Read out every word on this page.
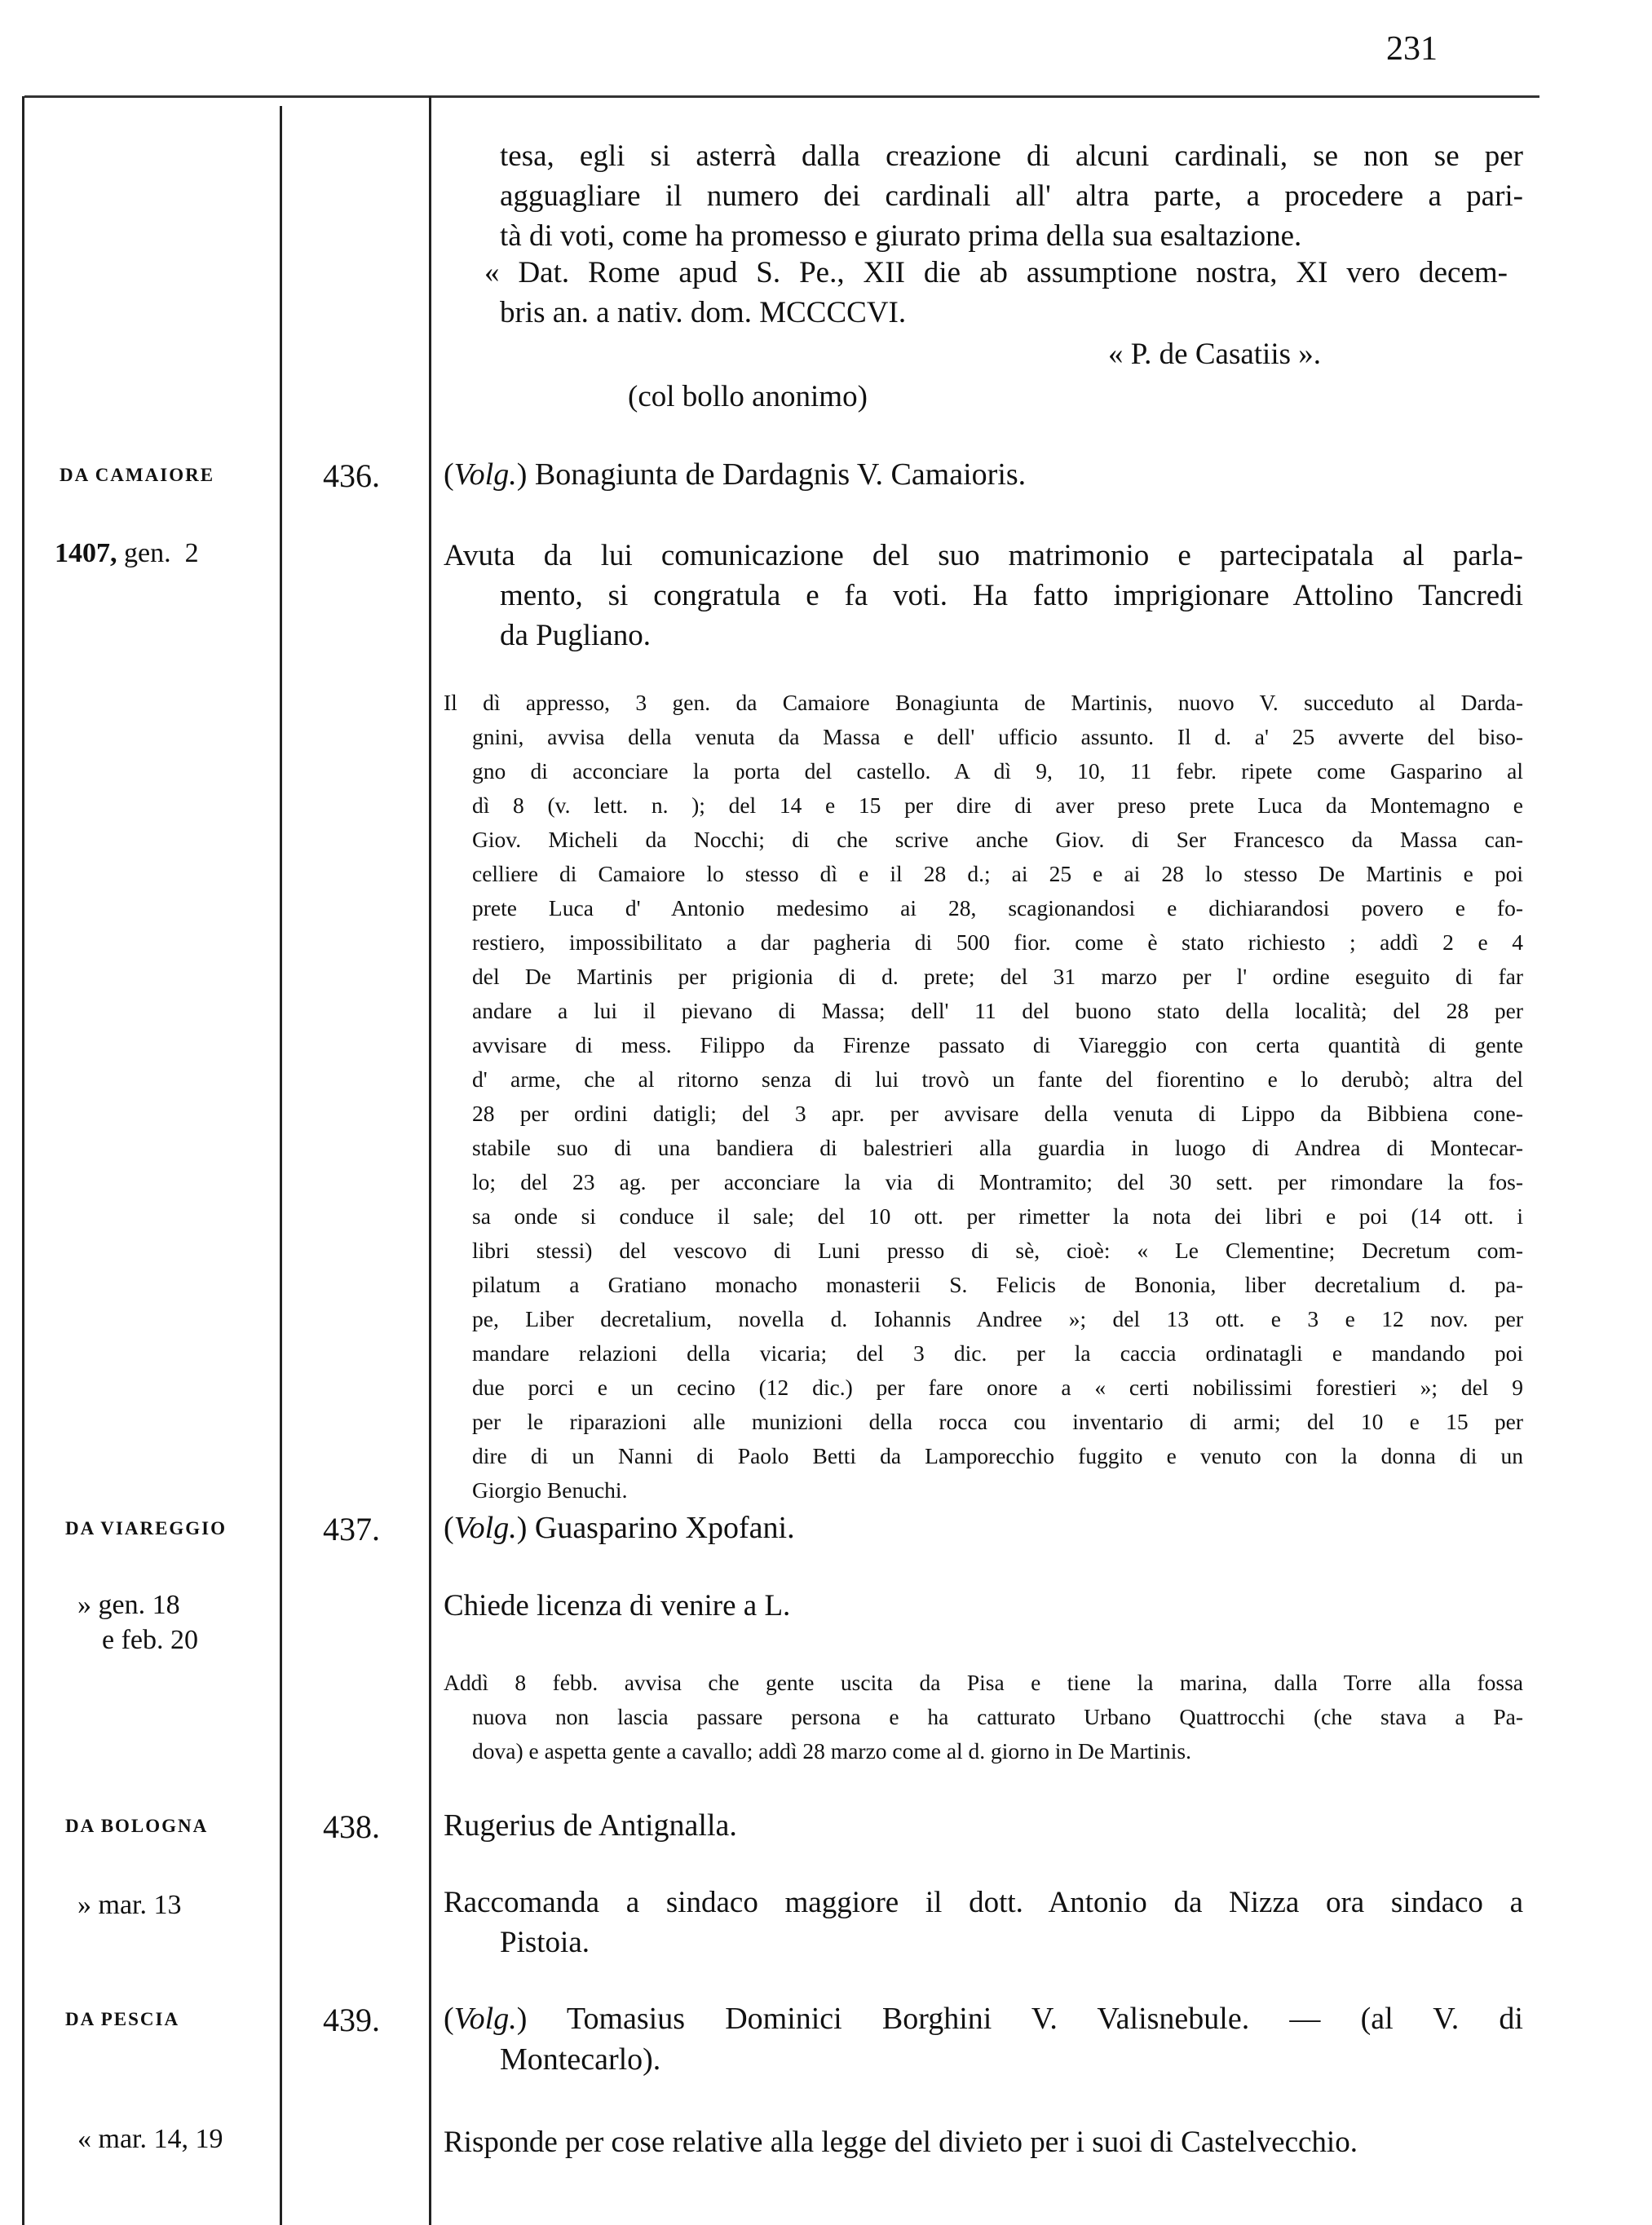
231
tesa, egli si asterrà dalla creazione di alcuni cardinali, se non se per
agguagliare il numero dei cardinali all' altra parte, a procedere a pari-
tà di voti, come ha promesso e giurato prima della sua esaltazione.
« Dat. Rome apud S. Pe., XII die ab assumptione nostra, XI vero decem-
bris an. a nativ. dom. MCCCCVI.
« P. de Casatiis ».
(col bollo anonimo)
DA CAMAIORE
1407, gen.  2
436. (Volg.) Bonagiunta de Dardagnis V. Camaioris.
Avuta da lui comunicazione del suo matrimonio e partecipatala al parla-
mento, si congratula e fa voti. Ha fatto imprigionare Attolino Tancredi
da Pugliano.
Il dì appresso, 3 gen. da Camaiore Bonagiunta de Martinis, nuovo V. succeduto al Darda-
gnini, avvisa della venuta da Massa e dell' ufficio assunto. Il d. a' 25 avverte del biso-
gno di acconciare la porta del castello. A dì 9, 10, 11 febr. ripete come Gasparino al
dì 8 (v. lett. n. ); del 14 e 15 per dire di aver preso prete Luca da Montemagno e
Giov. Micheli da Nocchi; di che scrive anche Giov. di Ser Francesco da Massa can-
celliere di Camaiore lo stesso dì e il 28 d.; ai 25 e ai 28 lo stesso De Martinis e poi
prete Luca d' Antonio medesimo ai 28, scagionandosi e dichiarandosi povero e fo-
restiero, impossibilitato a dar pagheria di 500 fior. come è stato richiesto ; addì 2 e 4
del De Martinis per prigionia di d. prete; del 31 marzo per l' ordine eseguito di far
andare a lui il pievano di Massa; dell' 11 del buono stato della località; del 28 per
avvisare di mess. Filippo da Firenze passato di Viareggio con certa quantità di gente
d' arme, che al ritorno senza di lui trovò un fante del fiorentino e lo derubò; altra del
28 per ordini datigli; del 3 apr. per avvisare della venuta di Lippo da Bibbiena cone-
stabile suo di una bandiera di balestrieri alla guardia in luogo di Andrea di Montecar-
lo; del 23 ag. per acconciare la via di Montramito; del 30 sett. per rimondare la fos-
sa onde si conduce il sale; del 10 ott. per rimetter la nota dei libri e poi (14 ott. i
libri stessi) del vescovo di Luni presso di sè, cioè: « Le Clementine; Decretum com-
pilatum a Gratiano monacho monasterii S. Felicis de Bononia, liber decretalium d. pa-
pe, Liber decretalium, novella d. Iohannis Andree »; del 13 ott. e 3 e 12 nov. per
mandare relazioni della vicaria; del 3 dic. per la caccia ordinatagli e mandando poi
due porci e un cecino (12 dic.) per fare onore a « certi nobilissimi forestieri »; del 9
per le riparazioni alle munizioni della rocca cou inventario di armi; del 10 e 15 per
dire di un Nanni di Paolo Betti da Lamporecchio fuggito e venuto con la donna di un
Giorgio Benuchi.
DA VIAREGGIO
» gen. 18
e feb. 20
437. (Volg.) Guasparino Xpofani.
Chiede licenza di venire a L.
Addì 8 febb. avvisa che gente uscita da Pisa e tiene la marina, dalla Torre alla fossa
nuova non lascia passare persona e ha catturato Urbano Quattrocchi (che stava a Pa-
dova) e aspetta gente a cavallo; addì 28 marzo come al d. giorno in De Martinis.
DA BOLOGNA
» mar. 13
438. Rugerius de Antignalla.
Raccomanda a sindaco maggiore il dott. Antonio da Nizza ora sindaco a
Pistoia.
DA PESCIA
« mar. 14, 19
439. (Volg.) Tomasius Dominici Borghini V. Valisnebule. — (al V. di
Montecarlo).
Risponde per cose relative alla legge del divieto per i suoi di Castelvecchio.
